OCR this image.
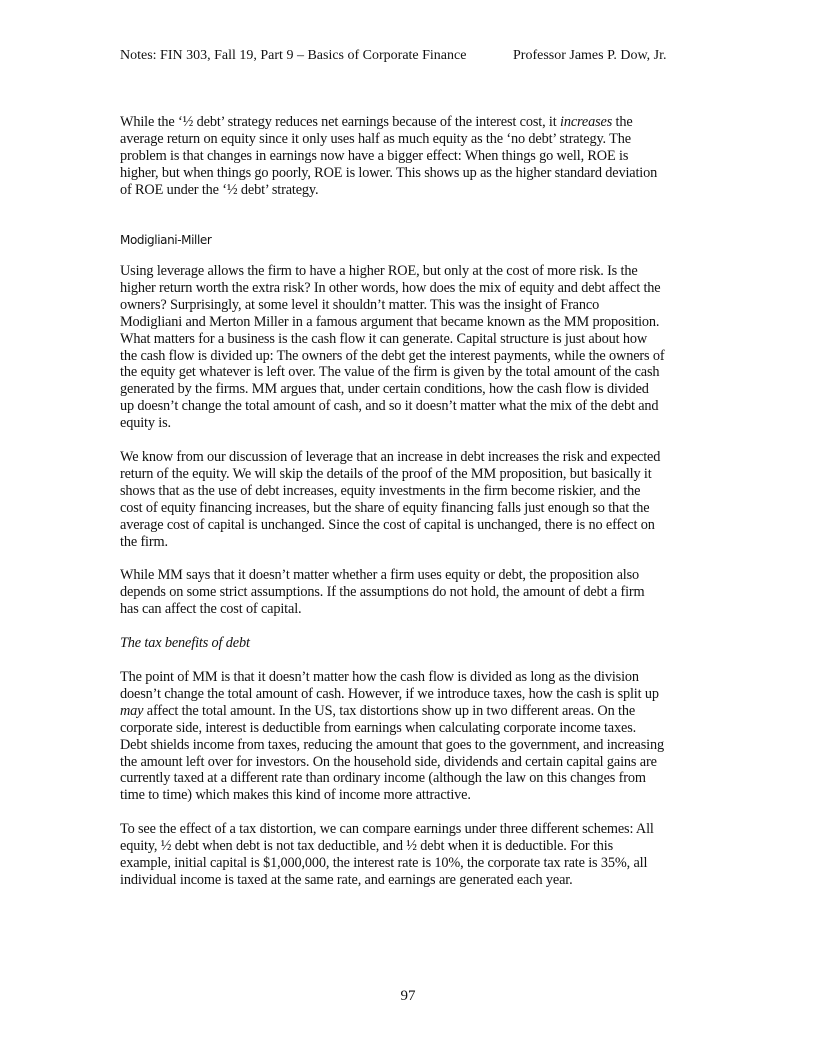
Notes: FIN 303, Fall 19, Part 9 – Basics of Corporate Finance	Professor James P. Dow, Jr.
While the ‘½ debt’ strategy reduces net earnings because of the interest cost, it increases the
average return on equity since it only uses half as much equity as the ‘no debt’ strategy. The
problem is that changes in earnings now have a bigger effect: When things go well, ROE is
higher, but when things go poorly, ROE is lower. This shows up as the higher standard deviation
of ROE under the ‘½ debt’ strategy.
Modigliani-Miller
Using leverage allows the firm to have a higher ROE, but only at the cost of more risk. Is the
higher return worth the extra risk? In other words, how does the mix of equity and debt affect the
owners? Surprisingly, at some level it shouldn’t matter. This was the insight of Franco
Modigliani and Merton Miller in a famous argument that became known as the MM proposition.
What matters for a business is the cash flow it can generate. Capital structure is just about how
the cash flow is divided up: The owners of the debt get the interest payments, while the owners of
the equity get whatever is left over. The value of the firm is given by the total amount of the cash
generated by the firms. MM argues that, under certain conditions, how the cash flow is divided
up doesn’t change the total amount of cash, and so it doesn’t matter what the mix of the debt and
equity is.
We know from our discussion of leverage that an increase in debt increases the risk and expected
return of the equity. We will skip the details of the proof of the MM proposition, but basically it
shows that as the use of debt increases, equity investments in the firm become riskier, and the
cost of equity financing increases, but the share of equity financing falls just enough so that the
average cost of capital is unchanged. Since the cost of capital is unchanged, there is no effect on
the firm.
While MM says that it doesn’t matter whether a firm uses equity or debt, the proposition also
depends on some strict assumptions. If the assumptions do not hold, the amount of debt a firm
has can affect the cost of capital.
The tax benefits of debt
The point of MM is that it doesn’t matter how the cash flow is divided as long as the division
doesn’t change the total amount of cash. However, if we introduce taxes, how the cash is split up
may affect the total amount. In the US, tax distortions show up in two different areas. On the
corporate side, interest is deductible from earnings when calculating corporate income taxes.
Debt shields income from taxes, reducing the amount that goes to the government, and increasing
the amount left over for investors. On the household side, dividends and certain capital gains are
currently taxed at a different rate than ordinary income (although the law on this changes from
time to time) which makes this kind of income more attractive.
To see the effect of a tax distortion, we can compare earnings under three different schemes: All
equity, ½ debt when debt is not tax deductible, and ½ debt when it is deductible. For this
example, initial capital is $1,000,000, the interest rate is 10%, the corporate tax rate is 35%, all
individual income is taxed at the same rate, and earnings are generated each year.
97
